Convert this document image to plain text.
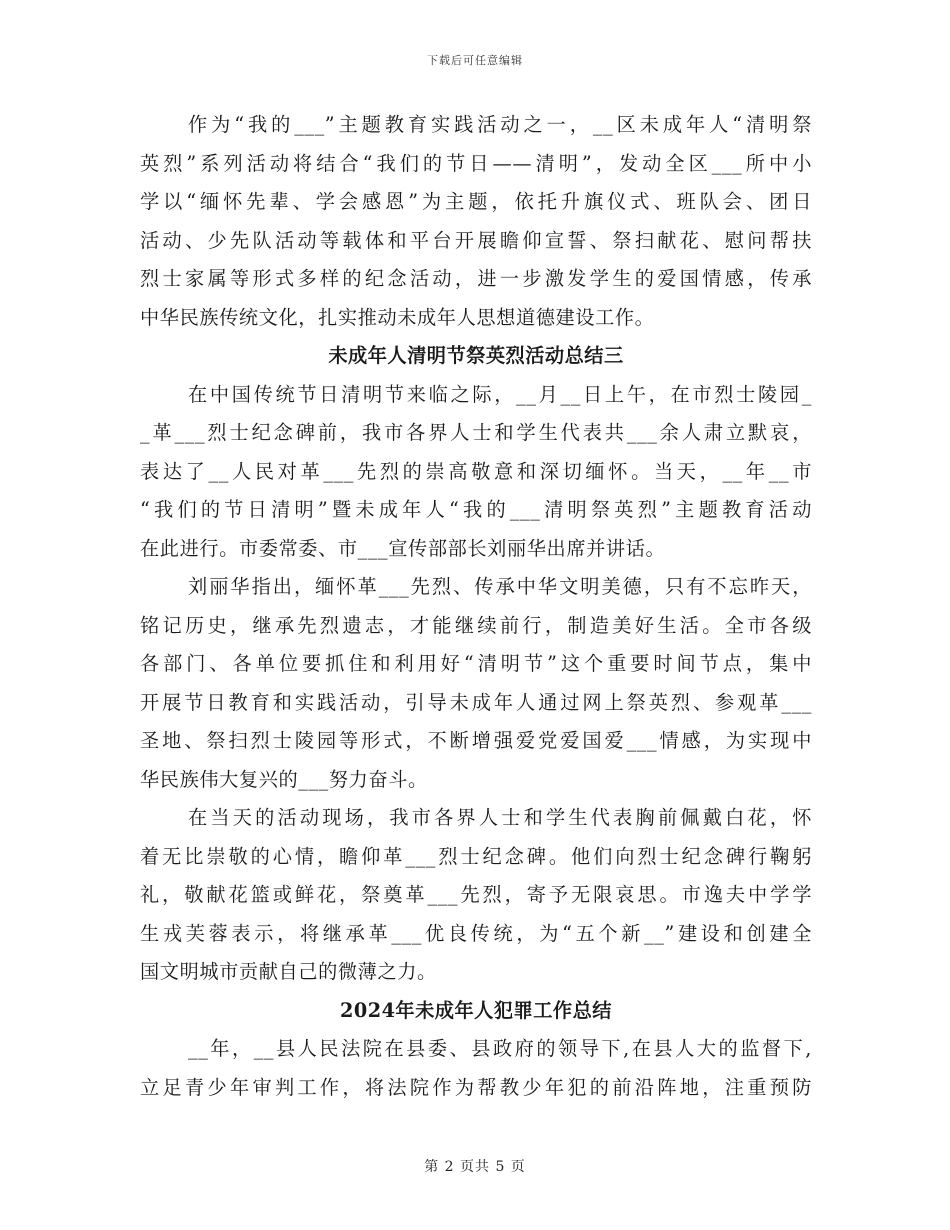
下载后可任意编辑
作为“我的___”主题教育实践活动之一，__区未成年人“清明祭
英烈”系列活动将结合“我们的节日——清明”，发动全区___所中小
学以“缅怀先辈、学会感恩”为主题，依托升旗仪式、班队会、团日
活动、少先队活动等载体和平台开展瞻仰宣誓、祭扫献花、慰问帮扶
烈士家属等形式多样的纪念活动，进一步激发学生的爱国情感，传承
中华民族传统文化，扎实推动未成年人思想道德建设工作。
未成年人清明节祭英烈活动总结三
在中国传统节日清明节来临之际，__月__日上午，在市烈士陵园_
_革___烈士纪念碑前，我市各界人士和学生代表共___余人肃立默哀，
表达了__人民对革___先烈的崇高敬意和深切缅怀。当天，__年__市
“我们的节日清明”暨未成年人“我的___清明祭英烈”主题教育活动
在此进行。市委常委、市___宣传部部长刘丽华出席并讲话。
刘丽华指出，缅怀革___先烈、传承中华文明美德，只有不忘昨天，
铭记历史，继承先烈遗志，才能继续前行，制造美好生活。全市各级
各部门、各单位要抓住和利用好“清明节”这个重要时间节点，集中
开展节日教育和实践活动，引导未成年人通过网上祭英烈、参观革___
圣地、祭扫烈士陵园等形式，不断增强爱党爱国爱___情感，为实现中
华民族伟大复兴的___努力奋斗。
在当天的活动现场，我市各界人士和学生代表胸前佩戴白花，怀
着无比崇敬的心情，瞻仰革___烈士纪念碑。他们向烈士纪念碑行鞠躬
礼，敬献花篮或鲜花，祭奠革___先烈，寄予无限哀思。市逸夫中学学
生戎芙蓉表示，将继承革___优良传统，为“五个新__”建设和创建全
国文明城市贡献自己的微薄之力。
2024年未成年人犯罪工作总结
__年，__县人民法院在县委、县政府的领导下,在县人大的监督下,
立足青少年审判工作，将法院作为帮教少年犯的前沿阵地，注重预防
第 2 页共 5 页
